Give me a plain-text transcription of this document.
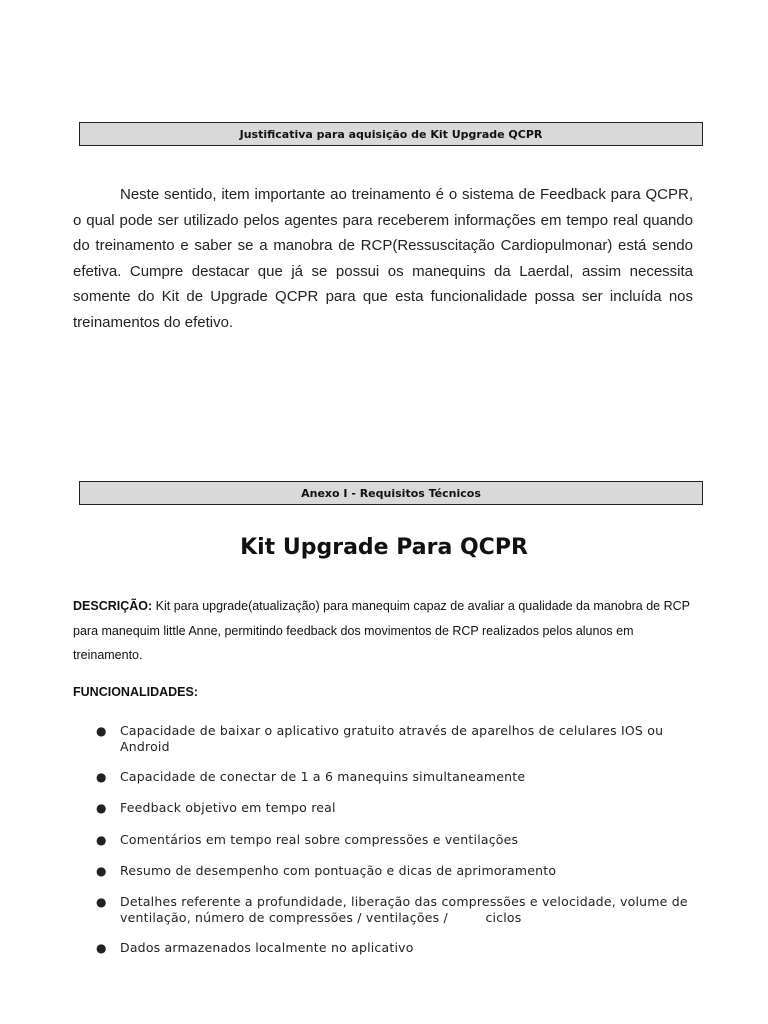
Justificativa para aquisição de Kit Upgrade QCPR

Neste sentido, item importante ao treinamento é o sistema de Feedback para QCPR, o qual pode ser utilizado pelos agentes para receberem informações em tempo real quando do treinamento e saber se a manobra de RCP(Ressuscitação Cardiopulmonar) está sendo efetiva. Cumpre destacar que já se possui os manequins da Laerdal, assim necessita somente do Kit de Upgrade QCPR para que esta funcionalidade possa ser incluída nos treinamentos do efetivo.

Anexo I - Requisitos Técnicos
Kit Upgrade Para QCPR

DESCRIÇÃO: Kit para upgrade(atualização) para manequim capaz de avaliar a qualidade da manobra de RCP para manequim little Anne, permitindo feedback dos movimentos de RCP realizados pelos alunos em treinamento.

FUNCIONALIDADES:

● Capacidade de baixar o aplicativo gratuito através de aparelhos de celulares IOS ou Android
● Capacidade de conectar de 1 a 6 manequins simultaneamente
● Feedback objetivo em tempo real
● Comentários em tempo real sobre compressões e ventilações
● Resumo de desempenho com pontuação e dicas de aprimoramento
● Detalhes referente a profundidade, liberação das compressões e velocidade, volume de ventilação, número de compressões / ventilações /         ciclos
● Dados armazenados localmente no aplicativo
